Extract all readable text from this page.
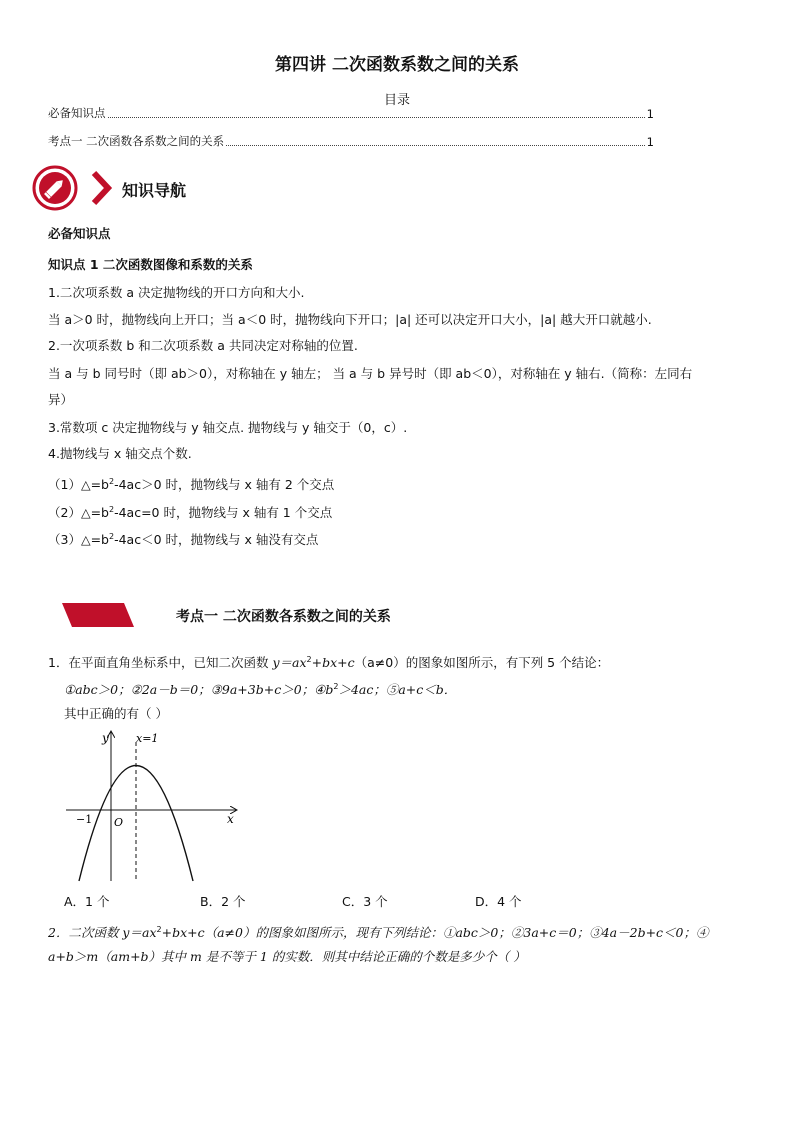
第四讲 二次函数系数之间的关系
目录
必备知识点	1
考点一 二次函数各系数之间的关系	1
知识导航
必备知识点
知识点 1 二次函数图像和系数的关系
1.二次项系数 a 决定抛物线的开口方向和大小.
当 a＞0 时，抛物线向上开口；当 a＜0 时，抛物线向下开口；|a| 还可以决定开口大小，|a| 越大开口就越小.
2.一次项系数 b 和二次项系数 a 共同决定对称轴的位置.
当 a 与 b 同号时（即 ab＞0），对称轴在 y 轴左； 当 a 与 b 异号时（即 ab＜0），对称轴在 y 轴右.（简称：左同右
异）
3.常数项 c 决定抛物线与 y 轴交点. 抛物线与 y 轴交于（0，c）.
4.抛物线与 x 轴交点个数.
$(1)\triangle=b^2-4ac>0$ 时，抛物线与 x 轴有 2 个交点
$(2)\triangle=b^2-4ac=0$ 时，抛物线与 x 轴有 1 个交点
$(3)\triangle=b^2-4ac<0$ 时，抛物线与 x 轴没有交点
考点一 二次函数各系数之间的关系
1．在平面直角坐标系中，已知二次函数 $y=ax^2+bx+c(a\ne 0)$的图象如图所示，有下列 5 个结论：
①abc＞0；②2a－b＝0；③9a+3b+c＞0；$④b^2>4ac$；⑤a+c＜b．
其中正确的有（ ）
y
x
x=1
−1 O
A．1 个	B．2 个	C．3 个	D．4 个
2．二次函数 $y=ax^2+bx+c(a\ne 0)$的图象如图所示，现有下列结论：①abc＞0；②3a+c＝0；③4a－2b+c＜0；④
a+b＞m（am+b）其中 m 是不等于 1 的实数．则其中结论正确的个数是多少个（ ）
